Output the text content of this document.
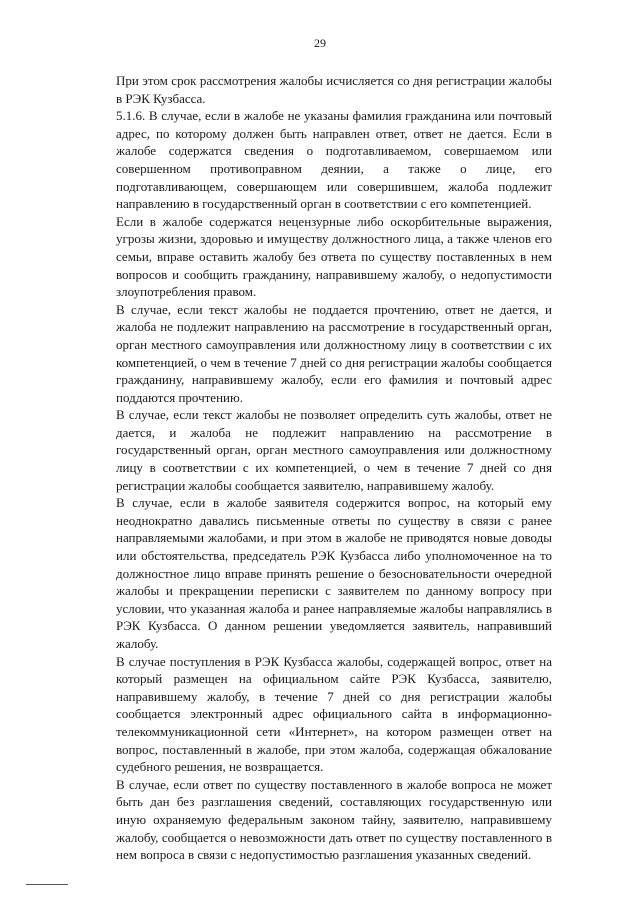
29

При этом срок рассмотрения жалобы исчисляется со дня регистрации жалобы в РЭК Кузбасса.

5.1.6. В случае, если в жалобе не указаны фамилия гражданина или почтовый адрес, по которому должен быть направлен ответ, ответ не дается. Если в жалобе содержатся сведения о подготавливаемом, совершаемом или совершенном противоправном деянии, а также о лице, его подготавливающем, совершающем или совершившем, жалоба подлежит направлению в государственный орган в соответствии с его компетенцией.

Если в жалобе содержатся нецензурные либо оскорбительные выражения, угрозы жизни, здоровью и имуществу должностного лица, а также членов его семьи, вправе оставить жалобу без ответа по существу поставленных в нем вопросов и сообщить гражданину, направившему жалобу, о недопустимости злоупотребления правом.

В случае, если текст жалобы не поддается прочтению, ответ не дается, и жалоба не подлежит направлению на рассмотрение в государственный орган, орган местного самоуправления или должностному лицу в соответствии с их компетенцией, о чем в течение 7 дней со дня регистрации жалобы сообщается гражданину, направившему жалобу, если его фамилия и почтовый адрес поддаются прочтению.

В случае, если текст жалобы не позволяет определить суть жалобы, ответ не дается, и жалоба не подлежит направлению на рассмотрение в государственный орган, орган местного самоуправления или должностному лицу в соответствии с их компетенцией, о чем в течение 7 дней со дня регистрации жалобы сообщается заявителю, направившему жалобу.

В случае, если в жалобе заявителя содержится вопрос, на который ему неоднократно давались письменные ответы по существу в связи с ранее направляемыми жалобами, и при этом в жалобе не приводятся новые доводы или обстоятельства, председатель РЭК Кузбасса либо уполномоченное на то должностное лицо вправе принять решение о безосновательности очередной жалобы и прекращении переписки с заявителем по данному вопросу при условии, что указанная жалоба и ранее направляемые жалобы направлялись в РЭК Кузбасса. О данном решении уведомляется заявитель, направивший жалобу.

В случае поступления в РЭК Кузбасса жалобы, содержащей вопрос, ответ на который размещен на официальном сайте РЭК Кузбасса, заявителю, направившему жалобу, в течение 7 дней со дня регистрации жалобы сообщается электронный адрес официального сайта в информационно-телекоммуникационной сети «Интернет», на котором размещен ответ на вопрос, поставленный в жалобе, при этом жалоба, содержащая обжалование судебного решения, не возвращается.

В случае, если ответ по существу поставленного в жалобе вопроса не может быть дан без разглашения сведений, составляющих государственную или иную охраняемую федеральным законом тайну, заявителю, направившему жалобу, сообщается о невозможности дать ответ по существу поставленного в нем вопроса в связи с недопустимостью разглашения указанных сведений.
